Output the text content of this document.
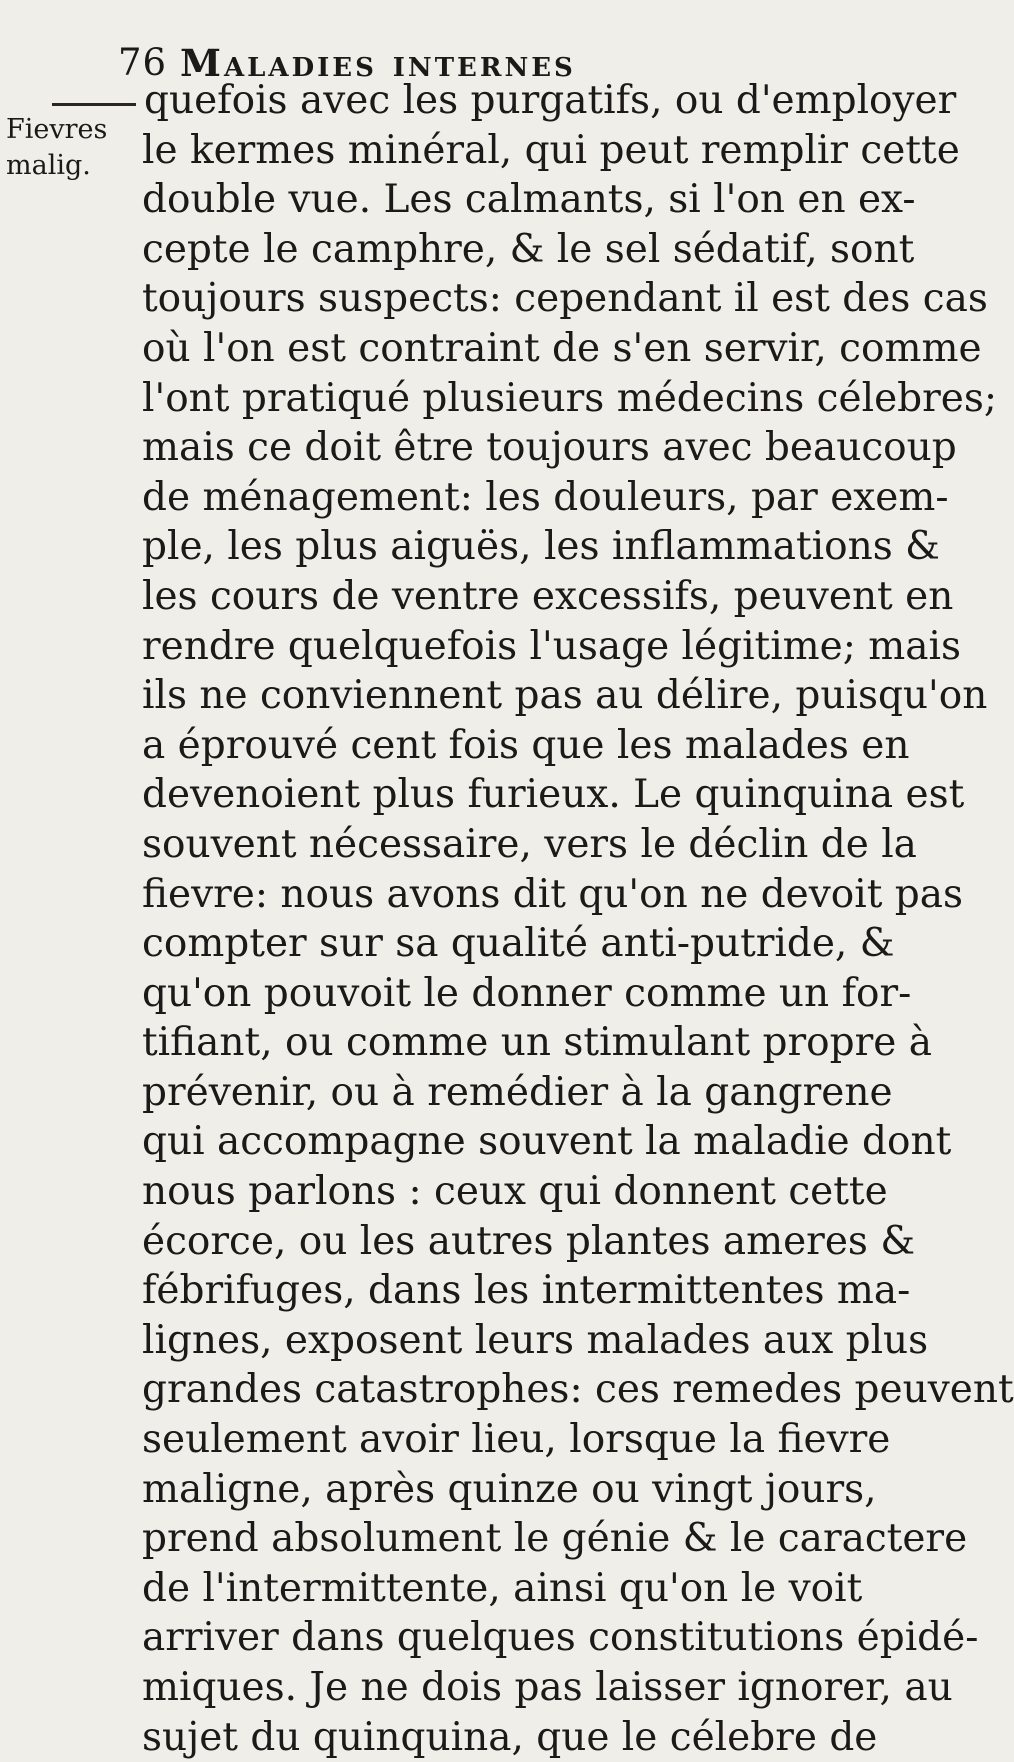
76 Maladies internes
Fievres
malig.
quefois avec les purgatifs, ou d'employer
le kermes minéral, qui peut remplir cette
double vue. Les calmants, si l'on en ex-
cepte le camphre, & le sel sédatif, sont
toujours suspects: cependant il est des cas
où l'on est contraint de s'en servir, comme
l'ont pratiqué plusieurs médecins célebres;
mais ce doit être toujours avec beaucoup
de ménagement: les douleurs, par exem-
ple, les plus aiguës, les inflammations &
les cours de ventre excessifs, peuvent en
rendre quelquefois l'usage légitime; mais
ils ne conviennent pas au délire, puisqu'on
a éprouvé cent fois que les malades en
devenoient plus furieux. Le quinquina est
souvent nécessaire, vers le déclin de la
fievre: nous avons dit qu'on ne devoit pas
compter sur sa qualité anti-putride, &
qu'on pouvoit le donner comme un for-
tifiant, ou comme un stimulant propre à
prévenir, ou à remédier à la gangrene
qui accompagne souvent la maladie dont
nous parlons : ceux qui donnent cette
écorce, ou les autres plantes ameres &
fébrifuges, dans les intermittentes ma-
lignes, exposent leurs malades aux plus
grandes catastrophes: ces remedes peuvent
seulement avoir lieu, lorsque la fievre
maligne, après quinze ou vingt jours,
prend absolument le génie & le caractere
de l'intermittente, ainsi qu'on le voit
arriver dans quelques constitutions épidé-
miques. Je ne dois pas laisser ignorer, au
sujet du quinquina, que le célebre de
